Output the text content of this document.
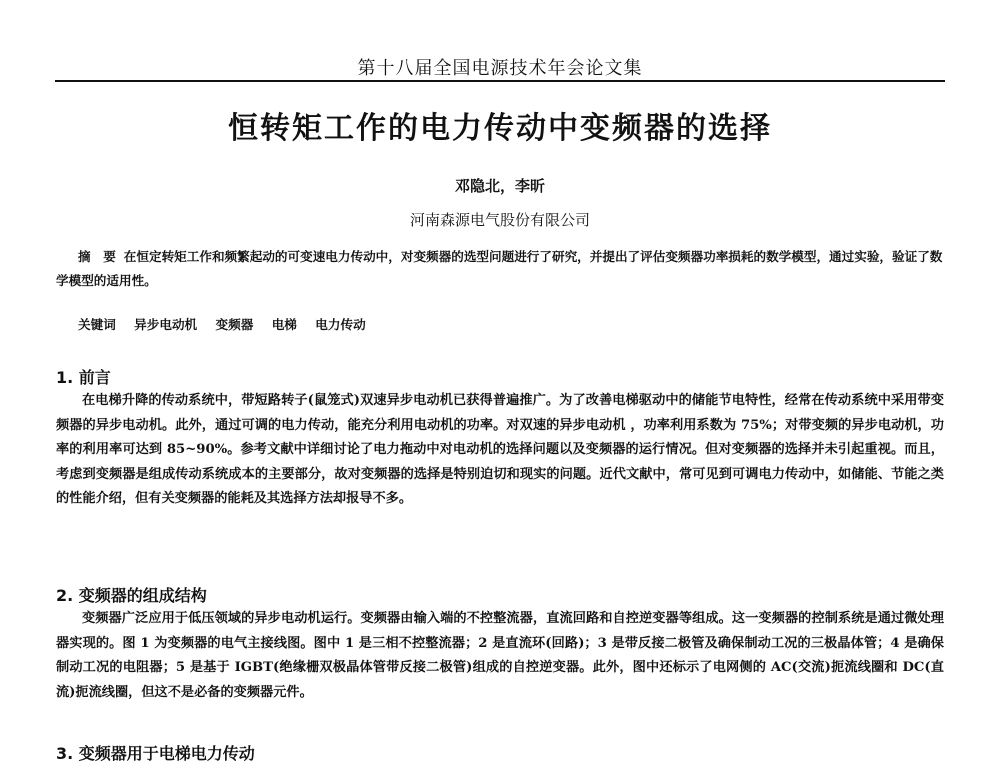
第十八届全国电源技术年会论文集
恒转矩工作的电力传动中变频器的选择
邓隐北，李昕
河南森源电气股份有限公司
摘　要 在恒定转矩工作和频繁起动的可变速电力传动中，对变频器的选型问题进行了研究，并提出了评估变频器功率损耗的数学模型，通过实验，验证了数学模型的适用性。
关键词 异步电动机 变频器 电梯 电力传动
1. 前言
在电梯升降的传动系统中，带短路转子(鼠笼式)双速异步电动机已获得普遍推广。为了改善电梯驱动中的储能节电特性，经常在传动系统中采用带变频器的异步电动机。此外，通过可调的电力传动，能充分利用电动机的功率。对双速的异步电动机 ，功率利用系数为 75%；对带变频的异步电动机，功率的利用率可达到 85~90%。参考文献中详细讨论了电力拖动中对电动机的选择问题以及变频器的运行情况。但对变频器的选择并未引起重视。而且，考虑到变频器是组成传动系统成本的主要部分，故对变频器的选择是特别迫切和现实的问题。近代文献中，常可见到可调电力传动中，如储能、节能之类的性能介绍，但有关变频器的能耗及其选择方法却报导不多。
2. 变频器的组成结构
变频器广泛应用于低压领域的异步电动机运行。变频器由输入端的不控整流器，直流回路和自控逆变器等组成。这一变频器的控制系统是通过微处理器实现的。图 1 为变频器的电气主接线图。图中 1 是三相不控整流器；2 是直流环(回路)；3 是带反接二极管及确保制动工况的三极晶体管；4 是确保制动工况的电阻器；5 是基于 IGBT(绝缘栅双极晶体管带反接二极管)组成的自控逆变器。此外，图中还标示了电网侧的 AC(交流)扼流线圈和 DC(直流)扼流线圈，但这不是必备的变频器元件。
3. 变频器用于电梯电力传动
